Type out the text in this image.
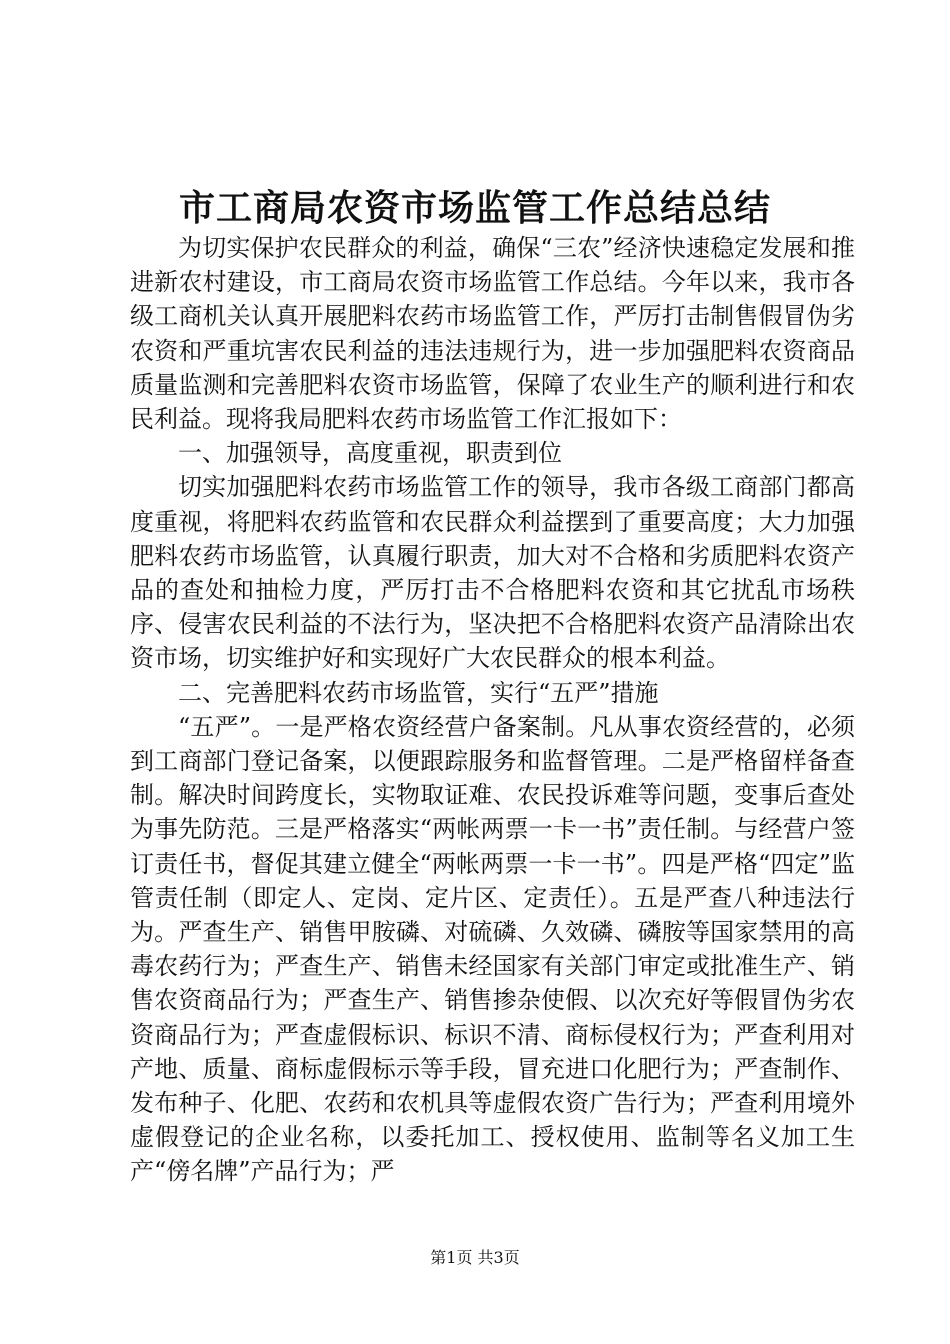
市工商局农资市场监管工作总结总结

为切实保护农民群众的利益，确保“三农”经济快速稳定发展和推进新农村建设，市工商局农资市场监管工作总结。今年以来，我市各级工商机关认真开展肥料农药市场监管工作，严厉打击制售假冒伪劣农资和严重坑害农民利益的违法违规行为，进一步加强肥料农资商品质量监测和完善肥料农资市场监管，保障了农业生产的顺利进行和农民利益。现将我局肥料农药市场监管工作汇报如下：

一、加强领导，高度重视，职责到位

切实加强肥料农药市场监管工作的领导，我市各级工商部门都高度重视，将肥料农药监管和农民群众利益摆到了重要高度；大力加强肥料农药市场监管，认真履行职责，加大对不合格和劣质肥料农资产品的查处和抽检力度，严厉打击不合格肥料农资和其它扰乱市场秩序、侵害农民利益的不法行为，坚决把不合格肥料农资产品清除出农资市场，切实维护好和实现好广大农民群众的根本利益。

二、完善肥料农药市场监管，实行“五严”措施

“五严”。一是严格农资经营户备案制。凡从事农资经营的，必须到工商部门登记备案，以便跟踪服务和监督管理。二是严格留样备查制。解决时间跨度长，实物取证难、农民投诉难等问题，变事后查处为事先防范。三是严格落实“两帐两票一卡一书”责任制。与经营户签订责任书，督促其建立健全“两帐两票一卡一书”。四是严格“四定”监管责任制（即定人、定岗、定片区、定责任）。五是严查八种违法行为。严查生产、销售甲胺磷、对硫磷、久效磷、磷胺等国家禁用的高毒农药行为；严查生产、销售未经国家有关部门审定或批准生产、销售农资商品行为；严查生产、销售掺杂使假、以次充好等假冒伪劣农资商品行为；严查虚假标识、标识不清、商标侵权行为；严查利用对产地、质量、商标虚假标示等手段，冒充进口化肥行为；严查制作、发布种子、化肥、农药和农机具等虚假农资广告行为；严查利用境外虚假登记的企业名称，以委托加工、授权使用、监制等名义加工生产“傍名牌”产品行为；严

第1页 共3页
